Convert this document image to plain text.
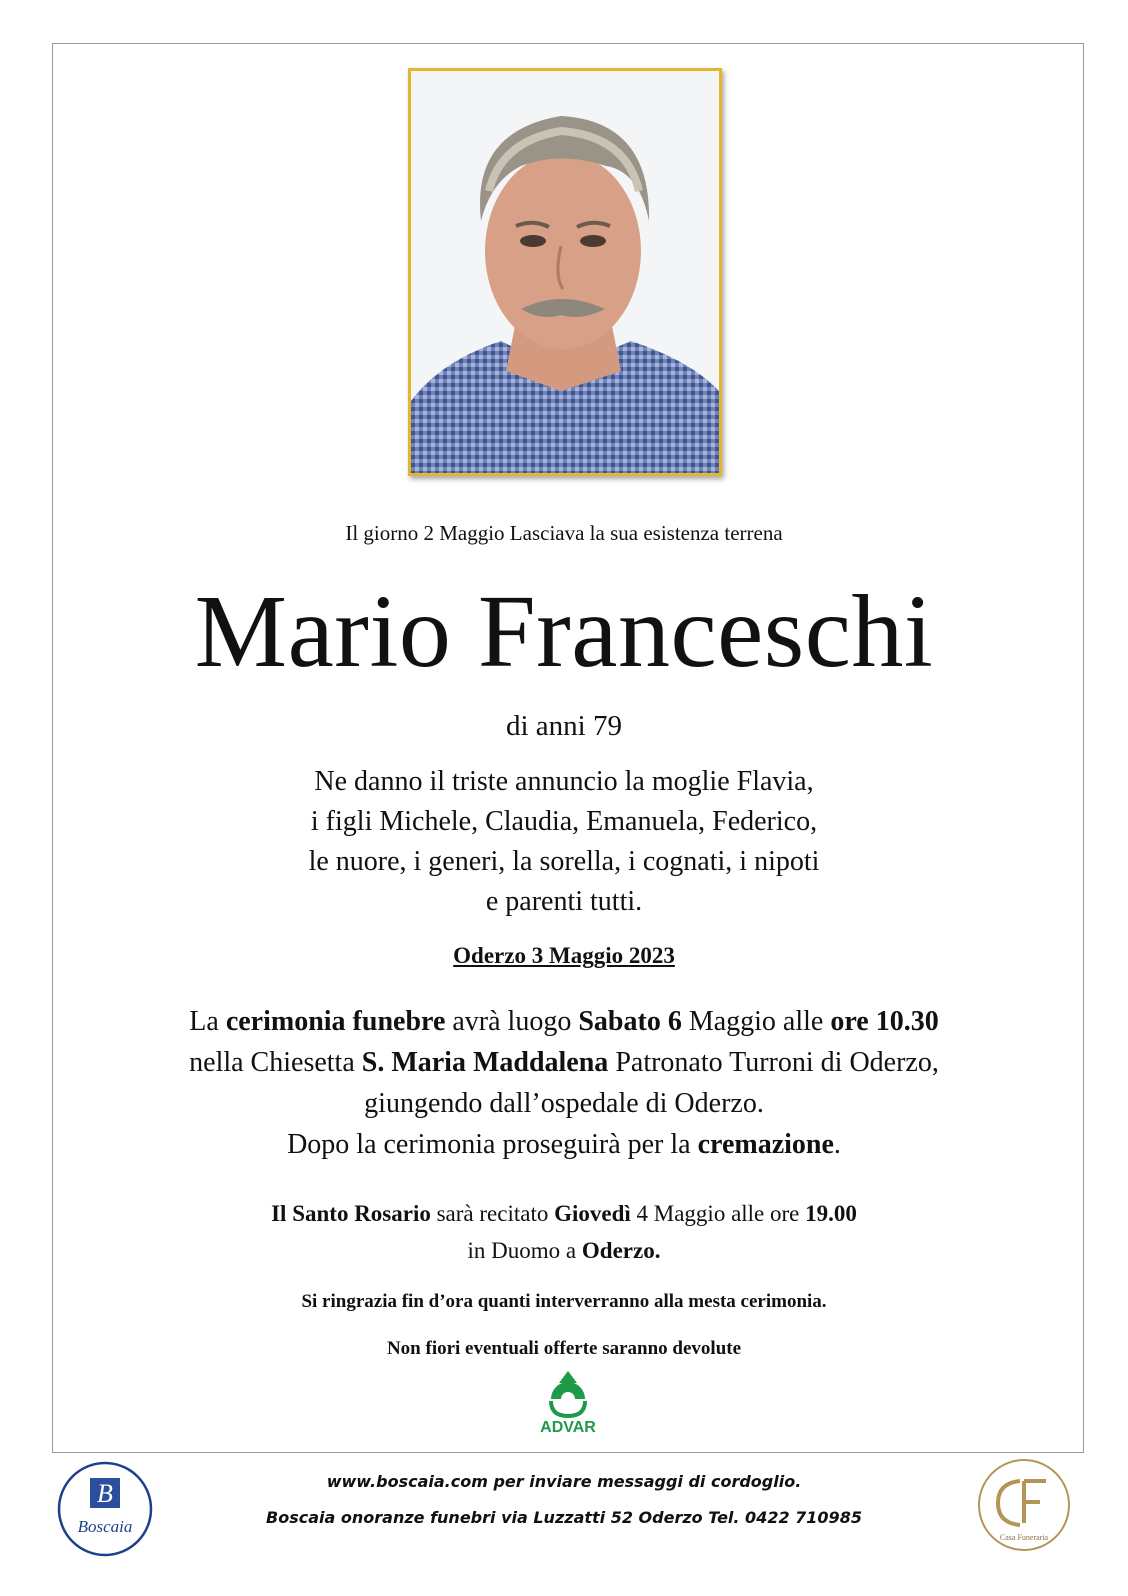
Il giorno 2 Maggio Lasciava la sua esistenza terrena
Mario Franceschi
di anni 79
Ne danno il triste annuncio la moglie Flavia,
i figli Michele, Claudia, Emanuela, Federico,
le nuore, i generi, la sorella, i cognati, i nipoti
e parenti tutti.
Oderzo 3 Maggio 2023
La cerimonia funebre avrà luogo Sabato 6 Maggio alle ore 10.30
nella Chiesetta S. Maria Maddalena Patronato Turroni di Oderzo,
giungendo dall’ospedale di Oderzo.
Dopo la cerimonia proseguirà per la cremazione.
Il Santo Rosario sarà recitato Giovedì 4 Maggio alle ore 19.00
in Duomo a Oderzo.
Si ringrazia fin d’ora quanti interverranno alla mesta cerimonia.
Non fiori eventuali offerte saranno devolute
ADVAR
www.boscaia.com per inviare messaggi di cordoglio.
Boscaia onoranze funebri via Luzzatti 52 Oderzo Tel. 0422 710985
B
Boscaia
Casa Funeraria
